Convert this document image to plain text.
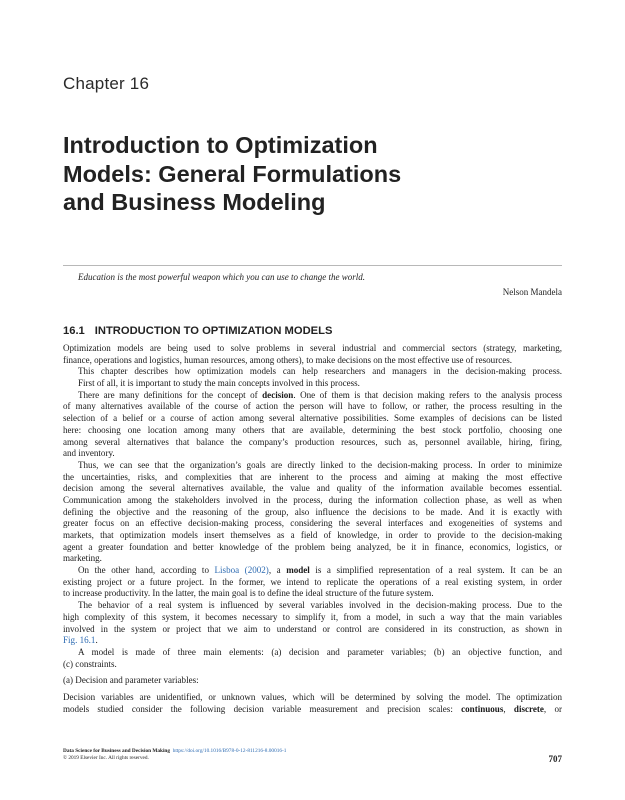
Chapter 16
Introduction to Optimization
Models: General Formulations
and Business Modeling
Education is the most powerful weapon which you can use to change the world.
Nelson Mandela
16.1 INTRODUCTION TO OPTIMIZATION MODELS
Optimization models are being used to solve problems in several industrial and commercial sectors (strategy, marketing,
finance, operations and logistics, human resources, among others), to make decisions on the most effective use of resources.
This chapter describes how optimization models can help researchers and managers in the decision-making process.
First of all, it is important to study the main concepts involved in this process.
There are many definitions for the concept of decision. One of them is that decision making refers to the analysis process
of many alternatives available of the course of action the person will have to follow, or rather, the process resulting in the
selection of a belief or a course of action among several alternative possibilities. Some examples of decisions can be listed
here: choosing one location among many others that are available, determining the best stock portfolio, choosing one
among several alternatives that balance the company’s production resources, such as, personnel available, hiring, firing,
and inventory.
Thus, we can see that the organization’s goals are directly linked to the decision-making process. In order to minimize
the uncertainties, risks, and complexities that are inherent to the process and aiming at making the most effective
decision among the several alternatives available, the value and quality of the information available becomes essential.
Communication among the stakeholders involved in the process, during the information collection phase, as well as when
defining the objective and the reasoning of the group, also influence the decisions to be made. And it is exactly with
greater focus on an effective decision-making process, considering the several interfaces and exogeneities of systems and
markets, that optimization models insert themselves as a field of knowledge, in order to provide to the decision-making
agent a greater foundation and better knowledge of the problem being analyzed, be it in finance, economics, logistics, or
marketing.
On the other hand, according to Lisboa (2002), a model is a simplified representation of a real system. It can be an
existing project or a future project. In the former, we intend to replicate the operations of a real existing system, in order
to increase productivity. In the latter, the main goal is to define the ideal structure of the future system.
The behavior of a real system is influenced by several variables involved in the decision-making process. Due to the
high complexity of this system, it becomes necessary to simplify it, from a model, in such a way that the main variables
involved in the system or project that we aim to understand or control are considered in its construction, as shown in
Fig. 16.1.
A model is made of three main elements: (a) decision and parameter variables; (b) an objective function, and
(c) constraints.
(a) Decision and parameter variables:
Decision variables are unidentified, or unknown values, which will be determined by solving the model. The optimization
models studied consider the following decision variable measurement and precision scales: continuous, discrete, or
Data Science for Business and Decision Making https://doi.org/10.1016/B978-0-12-811216-8.00016-1
© 2019 Elsevier Inc. All rights reserved.	707
